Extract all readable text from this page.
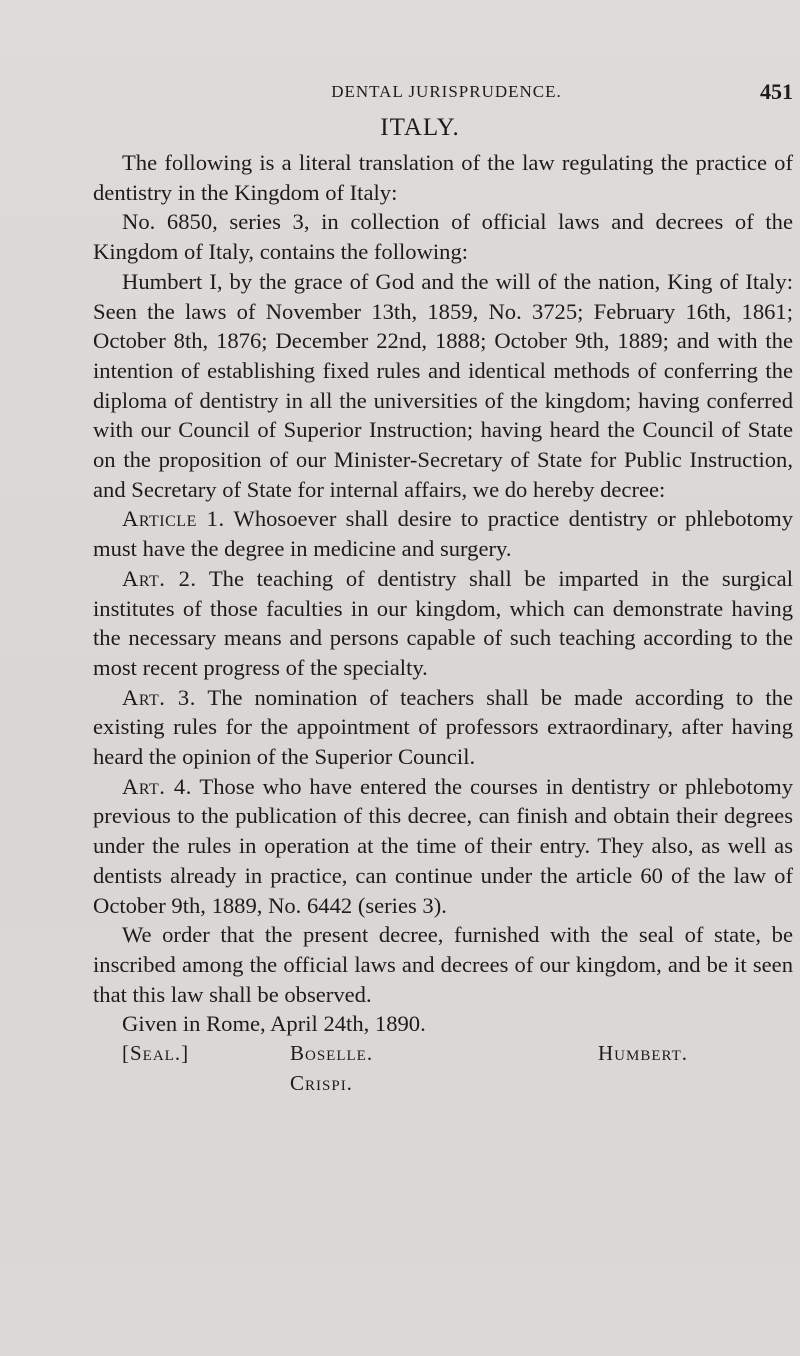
DENTAL JURISPRUDENCE.	451
ITALY.

The following is a literal translation of the law regulating the practice of dentistry in the Kingdom of Italy:

No. 6850, series 3, in collection of official laws and decrees of the Kingdom of Italy, contains the following:

Humbert I, by the grace of God and the will of the nation, King of Italy: Seen the laws of November 13th, 1859, No. 3725; February 16th, 1861; October 8th, 1876; December 22nd, 1888; October 9th, 1889; and with the intention of establishing fixed rules and identical methods of conferring the diploma of dentistry in all the universities of the kingdom; having conferred with our Council of Superior Instruction; having heard the Council of State on the proposition of our Minister-Secretary of State for Public Instruction, and Secretary of State for internal affairs, we do hereby decree:

Article 1. Whosoever shall desire to practice dentistry or phlebotomy must have the degree in medicine and surgery.

Art. 2. The teaching of dentistry shall be imparted in the surgical institutes of those faculties in our kingdom, which can demonstrate having the necessary means and persons capable of such teaching according to the most recent progress of the specialty.

Art. 3. The nomination of teachers shall be made according to the existing rules for the appointment of professors extraordinary, after having heard the opinion of the Superior Council.

Art. 4. Those who have entered the courses in dentistry or phlebotomy previous to the publication of this decree, can finish and obtain their degrees under the rules in operation at the time of their entry. They also, as well as dentists already in practice, can continue under the article 60 of the law of October 9th, 1889, No. 6442 (series 3).

We order that the present decree, furnished with the seal of state, be inscribed among the official laws and decrees of our kingdom, and be it seen that this law shall be observed.

Given in Rome, April 24th, 1890.

[Seal.]	Boselle.	Humbert.
Crispi.
